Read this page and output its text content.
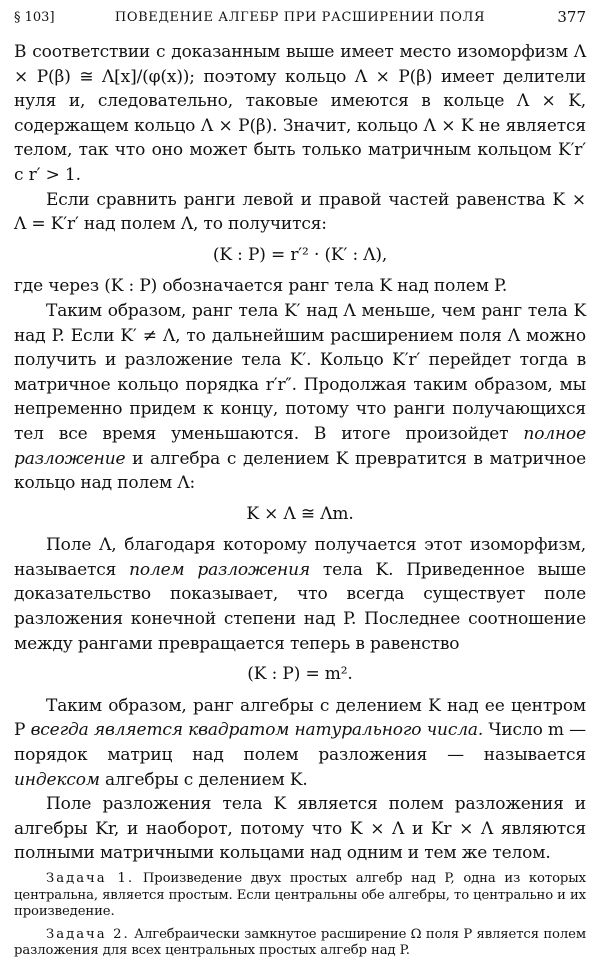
§ 103]	ПОВЕДЕНИЕ АЛГЕБР ПРИ РАСШИРЕНИИ ПОЛЯ	377

В соответствии с доказанным выше имеет место изоморфизм Λ × P(β) ≅ Λ[x]/(φ(x)); поэтому кольцо Λ × P(β) имеет делители нуля и, следовательно, таковые имеются в кольце Λ × K, содержащем кольцо Λ × P(β). Значит, кольцо Λ × K не является телом, так что оно может быть только матричным кольцом K′r′ с r′ > 1.

Если сравнить ранги левой и правой частей равенства K × Λ = K′r′ над полем Λ, то получится:

(K : P) = r′² · (K′ : Λ),

где через (K : P) обозначается ранг тела K над полем P.

Таким образом, ранг тела K′ над Λ меньше, чем ранг тела K над P. Если K′ ≠ Λ, то дальнейшим расширением поля Λ можно получить и разложение тела K′. Кольцо K′r′ перейдет тогда в матричное кольцо порядка r′r″. Продолжая таким образом, мы непременно придем к концу, потому что ранги получающихся тел все время уменьшаются. В итоге произойдет полное разложение и алгебра с делением K превратится в матричное кольцо над полем Λ:

K × Λ ≅ Λm.

Поле Λ, благодаря которому получается этот изоморфизм, называется полем разложения тела K. Приведенное выше доказательство показывает, что всегда существует поле разложения конечной степени над P. Последнее соотношение между рангами превращается теперь в равенство

(K : P) = m².

Таким образом, ранг алгебры с делением K над ее центром P всегда является квадратом натурального числа. Число m — порядок матриц над полем разложения — называется индексом алгебры с делением K.

Поле разложения тела K является полем разложения и алгебры Kr, и наоборот, потому что K × Λ и Kr × Λ являются полными матричными кольцами над одним и тем же телом.

Задача 1. Произведение двух простых алгебр над P, одна из которых центральна, является простым. Если центральны обе алгебры, то центрально и их произведение.

Задача 2. Алгебраически замкнутое расширение Ω поля P является полем разложения для всех центральных простых алгебр над P.
